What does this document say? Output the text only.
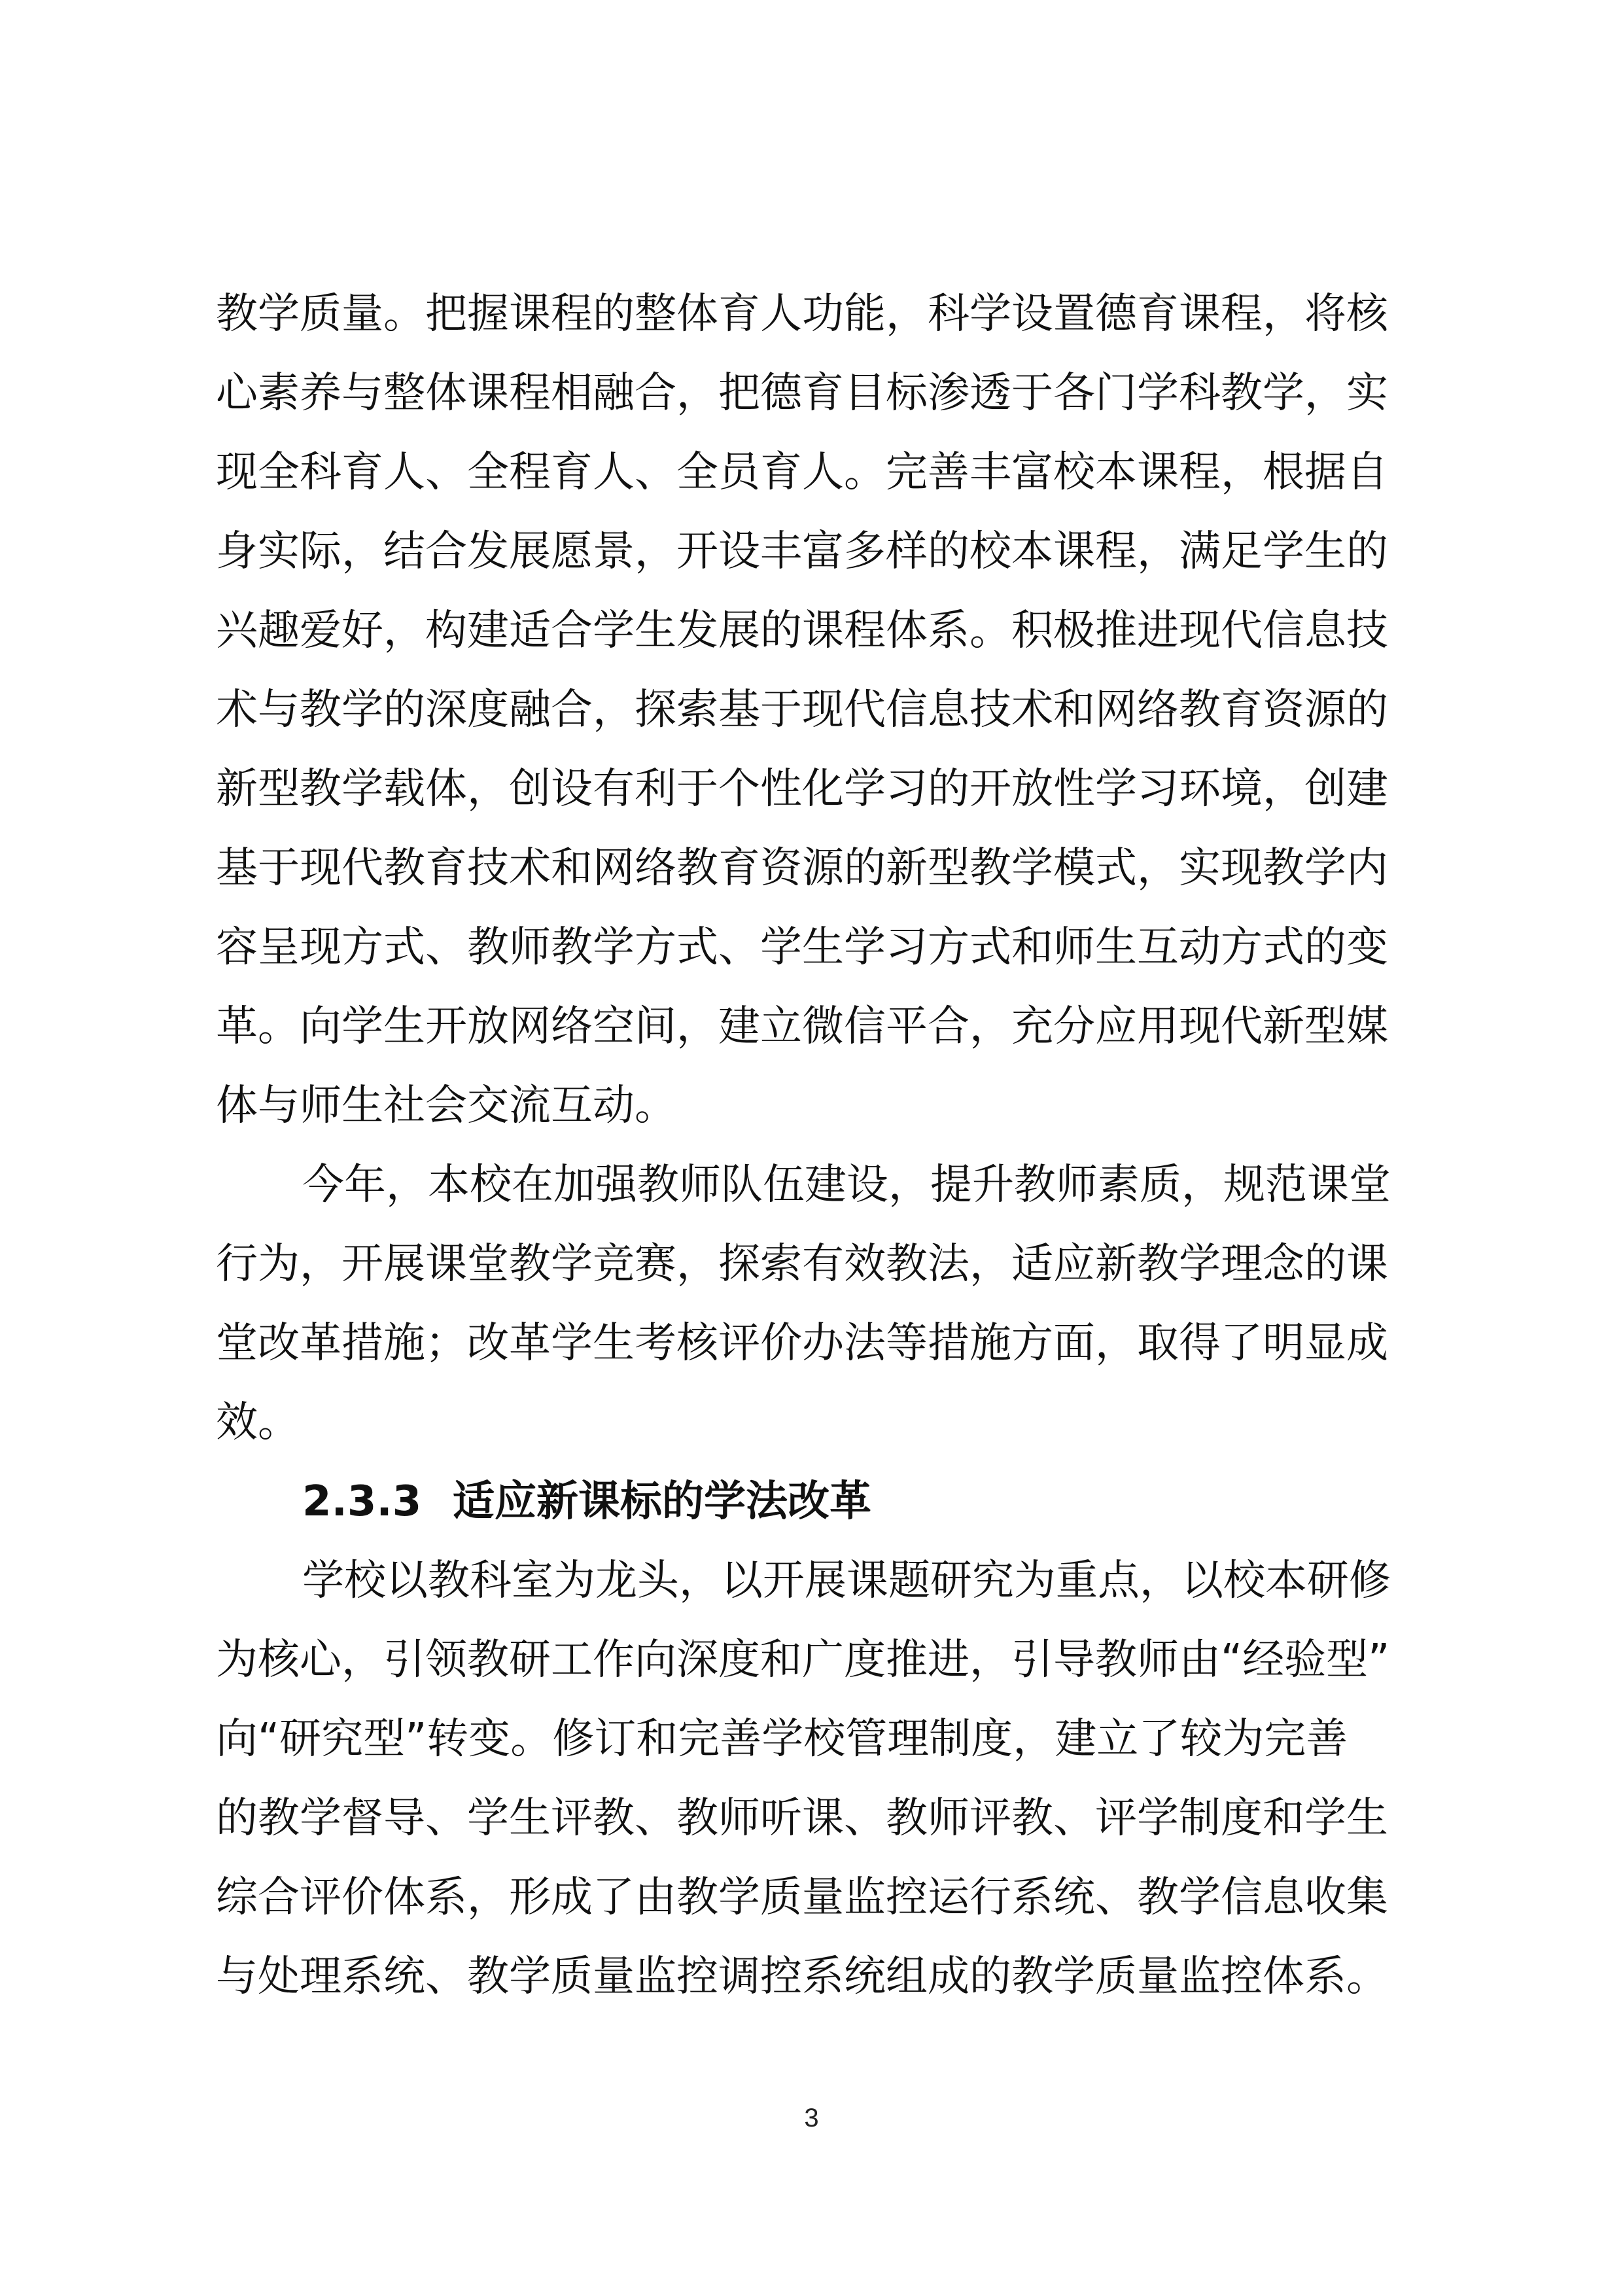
教学质量。把握课程的整体育人功能，科学设置德育课程，将核
心素养与整体课程相融合，把德育目标渗透于各门学科教学，实
现全科育人、全程育人、全员育人。完善丰富校本课程，根据自
身实际，结合发展愿景，开设丰富多样的校本课程，满足学生的
兴趣爱好，构建适合学生发展的课程体系。积极推进现代信息技
术与教学的深度融合，探索基于现代信息技术和网络教育资源的
新型教学载体，创设有利于个性化学习的开放性学习环境，创建
基于现代教育技术和网络教育资源的新型教学模式，实现教学内
容呈现方式、教师教学方式、学生学习方式和师生互动方式的变
革。向学生开放网络空间，建立微信平合，充分应用现代新型媒
体与师生社会交流互动。
今年，本校在加强教师队伍建设，提升教师素质，规范课堂
行为，开展课堂教学竞赛，探索有效教法，适应新教学理念的课
堂改革措施；改革学生考核评价办法等措施方面，取得了明显成
效。
2.3.3 适应新课标的学法改革
学校以教科室为龙头，以开展课题研究为重点，以校本研修
为核心，引领教研工作向深度和广度推进，引导教师由“经验型”
向“研究型”转变。修订和完善学校管理制度，建立了较为完善
的教学督导、学生评教、教师听课、教师评教、评学制度和学生
综合评价体系，形成了由教学质量监控运行系统、教学信息收集
与处理系统、教学质量监控调控系统组成的教学质量监控体系。
3
